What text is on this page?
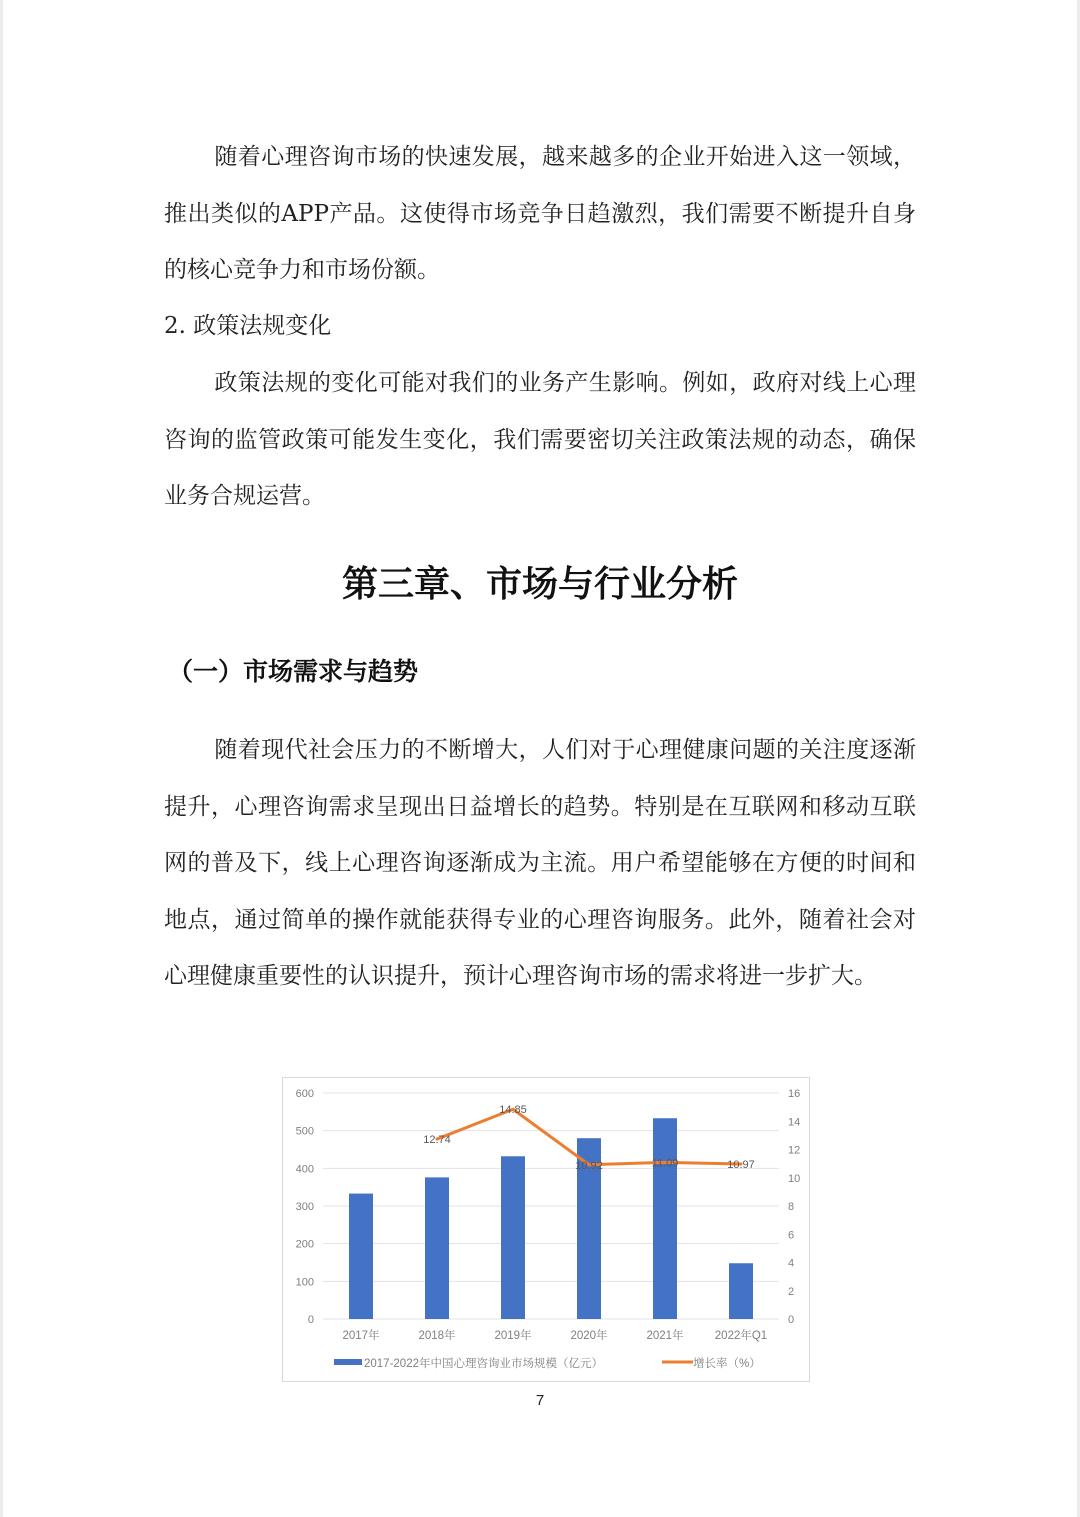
随着心理咨询市场的快速发展，越来越多的企业开始进入这一领域，推出类似的APP产品。这使得市场竞争日趋激烈，我们需要不断提升自身的核心竞争力和市场份额。
2. 政策法规变化
政策法规的变化可能对我们的业务产生影响。例如，政府对线上心理咨询的监管政策可能发生变化，我们需要密切关注政策法规的动态，确保业务合规运营。
第三章、市场与行业分析
（一）市场需求与趋势
随着现代社会压力的不断增大，人们对于心理健康问题的关注度逐渐提升，心理咨询需求呈现出日益增长的趋势。特别是在互联网和移动互联网的普及下，线上心理咨询逐渐成为主流。用户希望能够在方便的时间和地点，通过简单的操作就能获得专业的心理咨询服务。此外，随着社会对心理健康重要性的认识提升，预计心理咨询市场的需求将进一步扩大。
0
100
200
300
400
500
600
0
2
4
6
8
10
12
14
16
2017年	2018年	2019年	2020年	2021年	2022年Q1
12.74
14.85
10.92	11.09	10.97
2017-2022年中国心理咨询业市场规模（亿元）	增长率（%）
7
